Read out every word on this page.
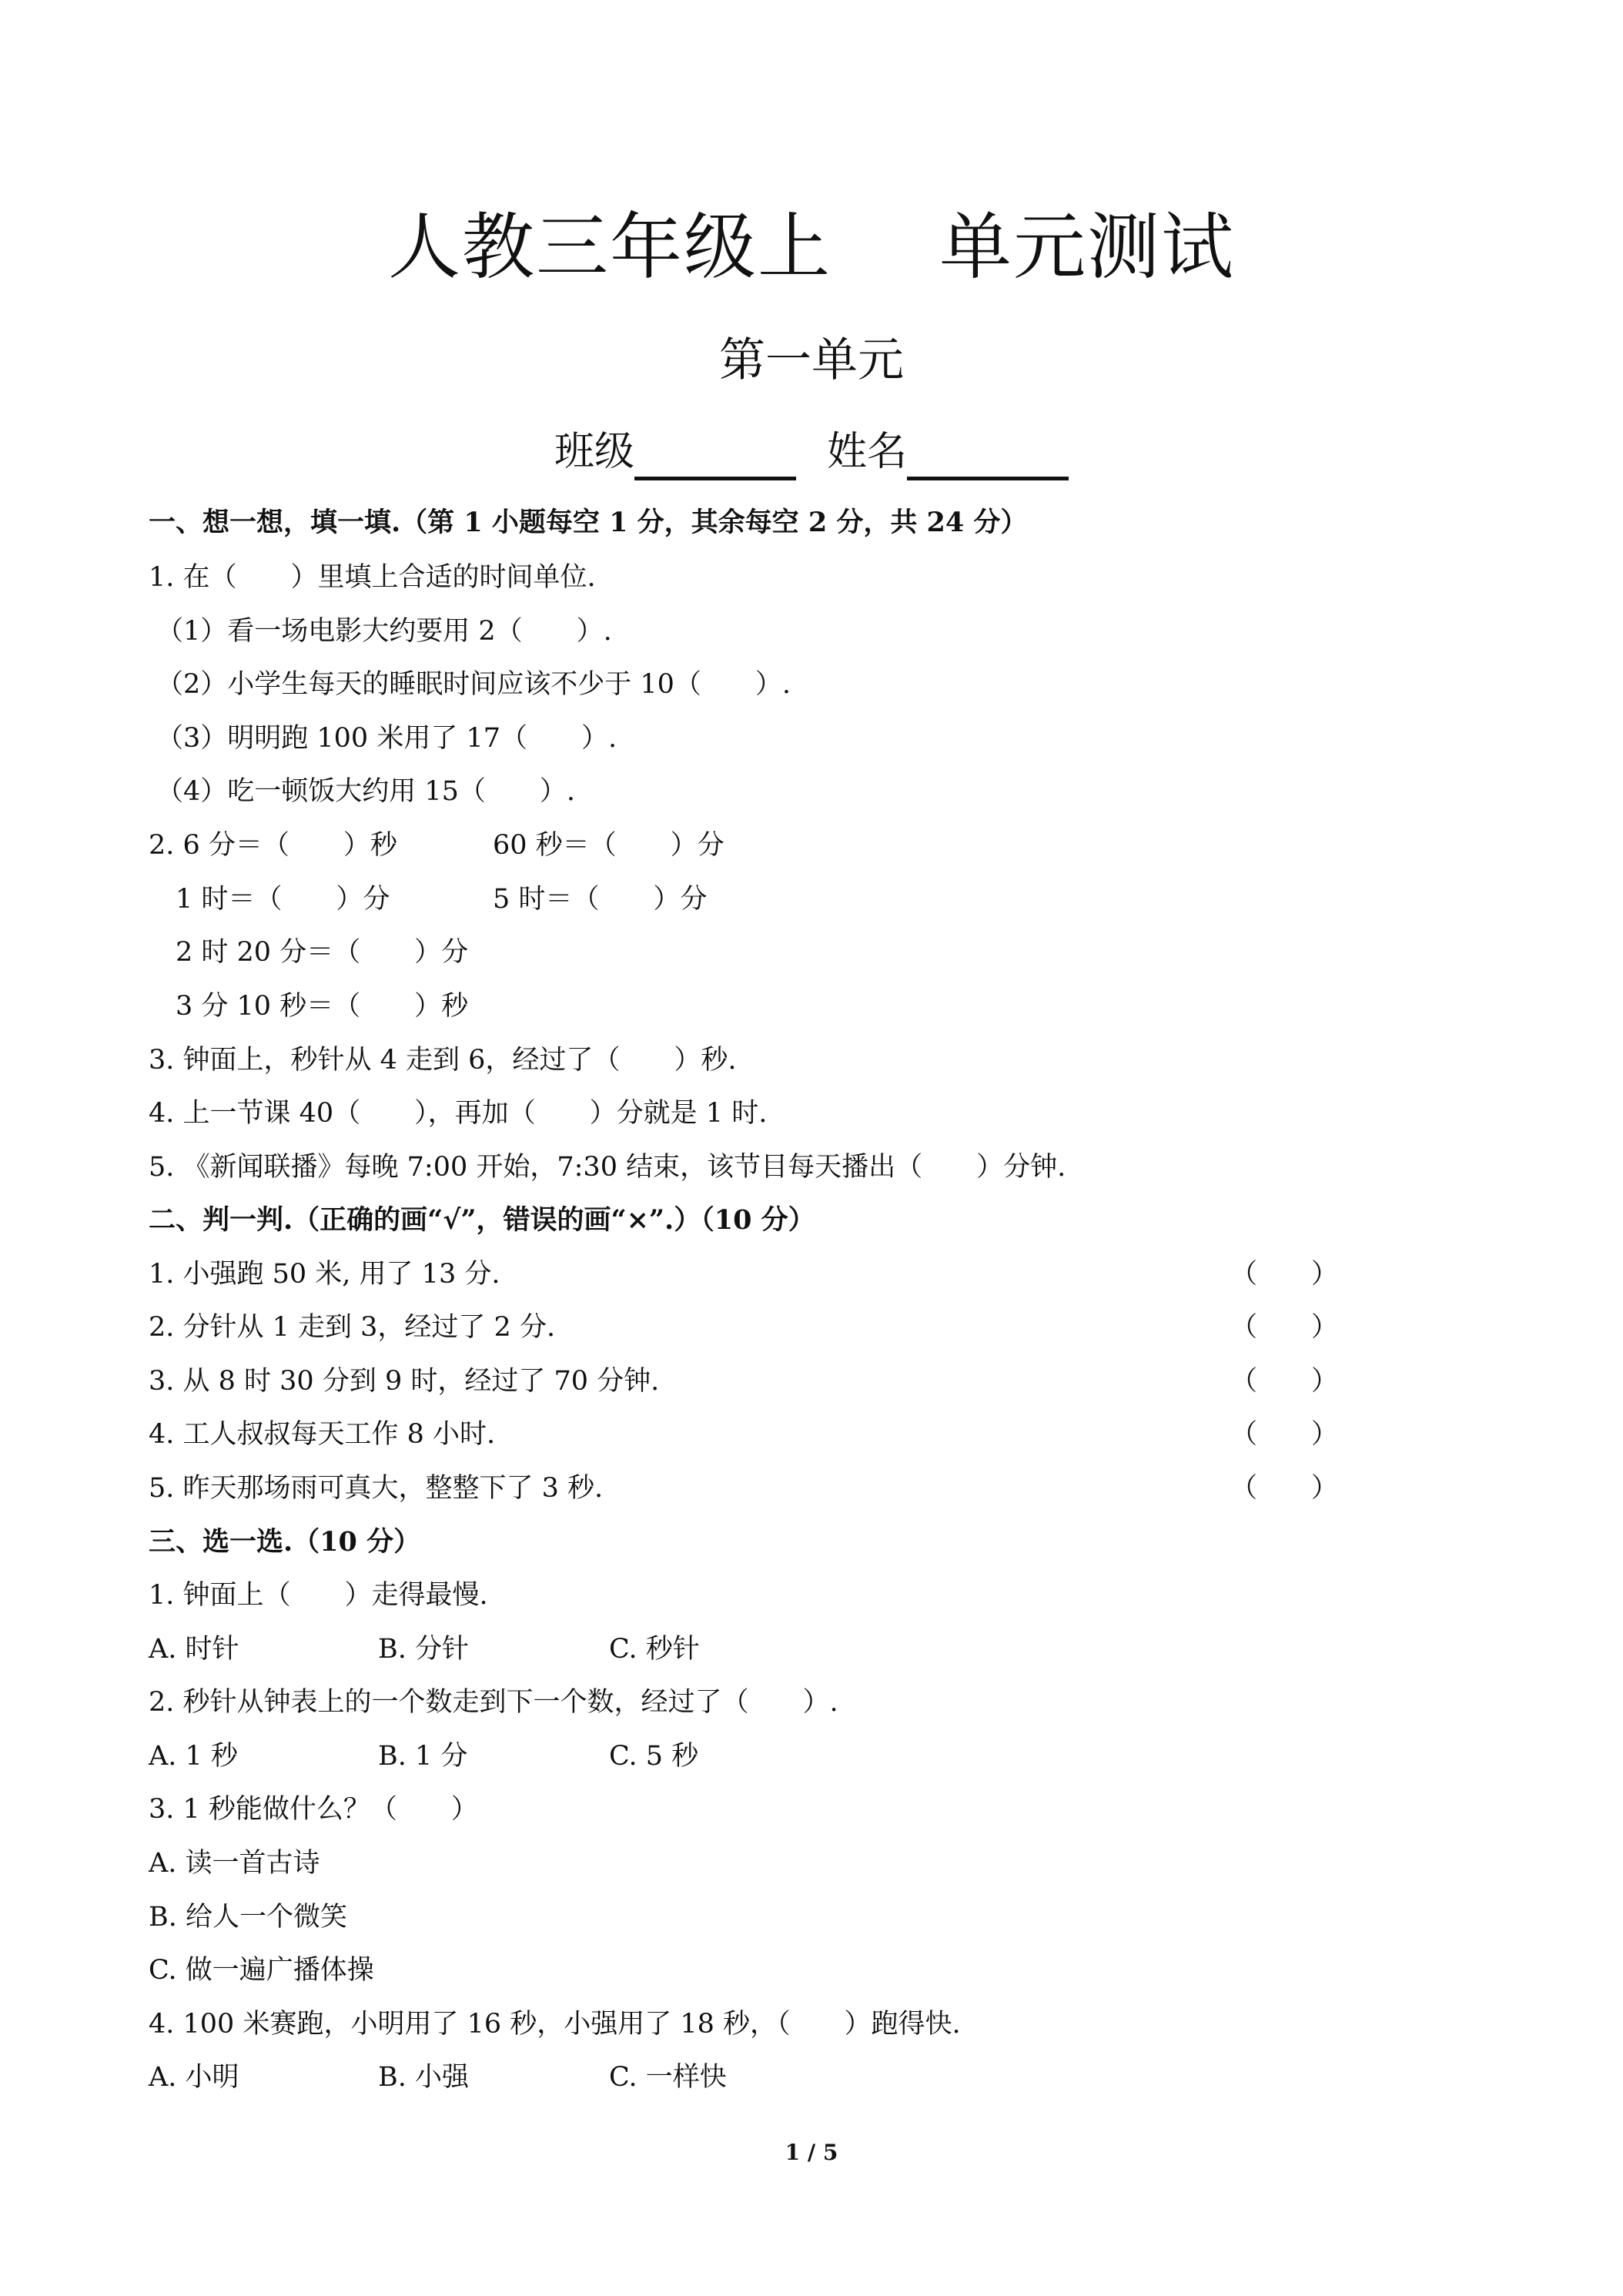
人教三年级上 单元测试
第一单元
班级	姓名
一、想一想，填一填.（第 1 小题每空 1 分，其余每空 2 分，共 24 分）
1. 在（　　）里填上合适的时间单位.
（1）看一场电影大约要用 2（　　）.
（2）小学生每天的睡眠时间应该不少于 10（　　）.
（3）明明跑 100 米用了 17（　　）.
（4）吃一顿饭大约用 15（　　）.
2. 6 分＝（　　）秒	60 秒＝（　　）分
1 时＝（　　）分	5 时＝（　　）分
2 时 20 分＝（　　）分
3 分 10 秒＝（　　）秒
3. 钟面上，秒针从 4 走到 6，经过了（　　）秒.
4. 上一节课 40（　　），再加（　　）分就是 1 时.
5. 《新闻联播》每晚 7:00 开始，7:30 结束，该节目每天播出（　　）分钟.
二、判一判.（正确的画“√”，错误的画“×”.）（10 分）
1. 小强跑 50 米, 用了 13 分.	（　　）
2. 分针从 1 走到 3，经过了 2 分.	（　　）
3. 从 8 时 30 分到 9 时，经过了 70 分钟.	（　　）
4. 工人叔叔每天工作 8 小时.	（　　）
5. 昨天那场雨可真大，整整下了 3 秒.	（　　）
三、选一选.（10 分）
1. 钟面上（　　）走得最慢.
A. 时针	B. 分针	C. 秒针
2. 秒针从钟表上的一个数走到下一个数，经过了（　　）.
A. 1 秒	B. 1 分	C. 5 秒
3. 1 秒能做什么？（　　）
A. 读一首古诗
B. 给人一个微笑
C. 做一遍广播体操
4. 100 米赛跑，小明用了 16 秒，小强用了 18 秒，（　　）跑得快.
A. 小明	B. 小强	C. 一样快
1 / 5
